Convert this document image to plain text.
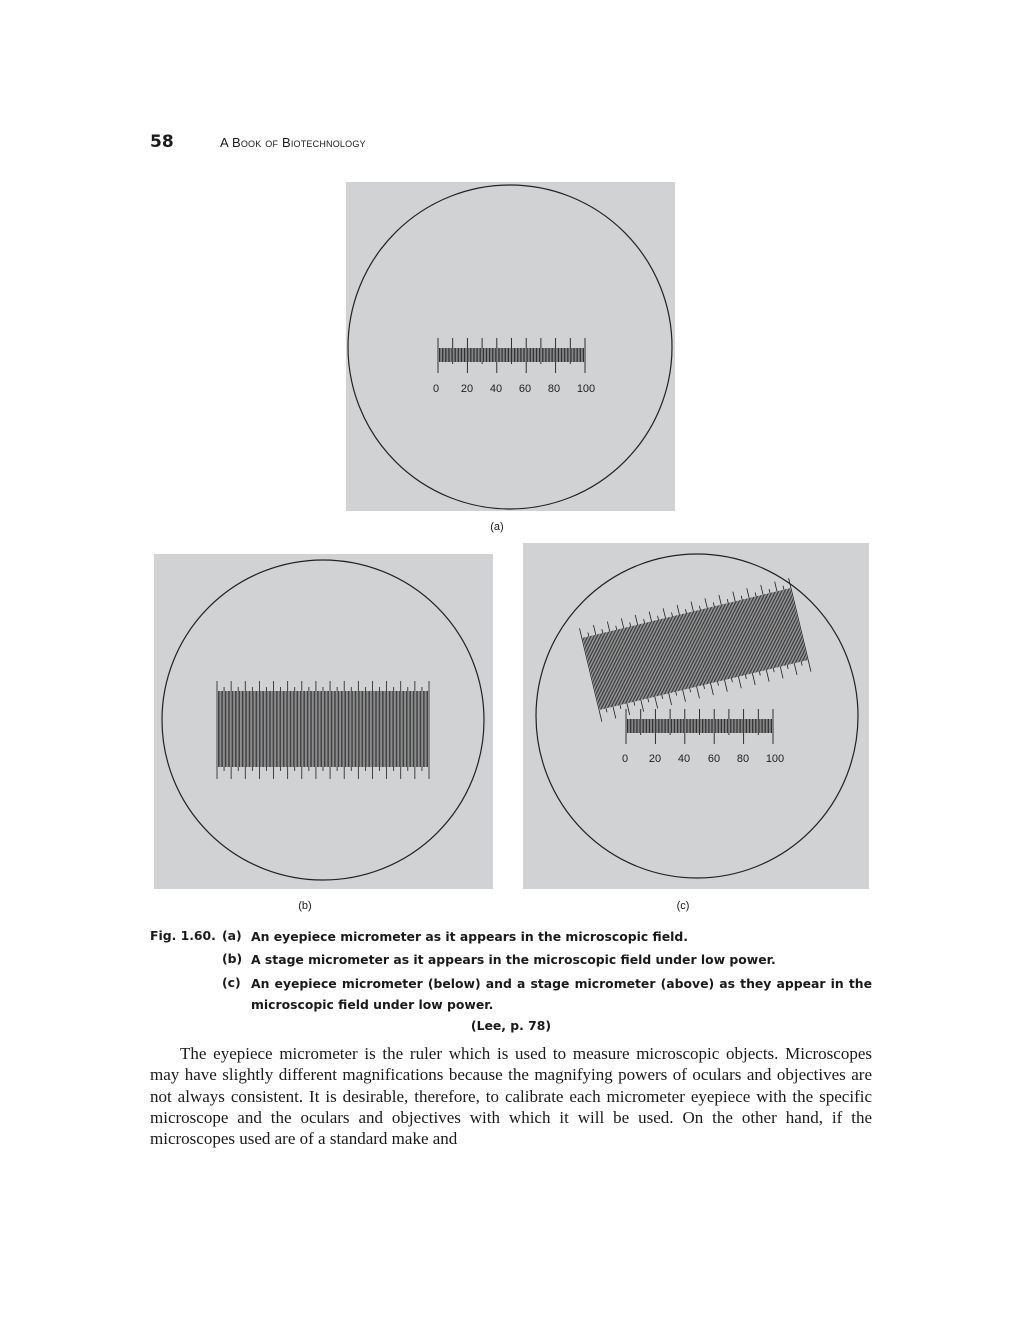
58	A Book of Biotechnology
0 20 40 60 80 100
(a)
(b)
0 20 40 60 80 100
(c)
Fig. 1.60. (a) An eyepiece micrometer as it appears in the microscopic field.
(b) A stage micrometer as it appears in the microscopic field under low power.
(c) An eyepiece micrometer (below) and a stage micrometer (above) as they appear in the microscopic field under low power.
(Lee, p. 78)

The eyepiece micrometer is the ruler which is used to measure microscopic objects. Microscopes may have slightly different magnifications because the magnifying powers of oculars and objectives are not always consistent. It is desirable, therefore, to calibrate each micrometer eyepiece with the specific microscope and the oculars and objectives with which it will be used. On the other hand, if the microscopes used are of a standard make and
